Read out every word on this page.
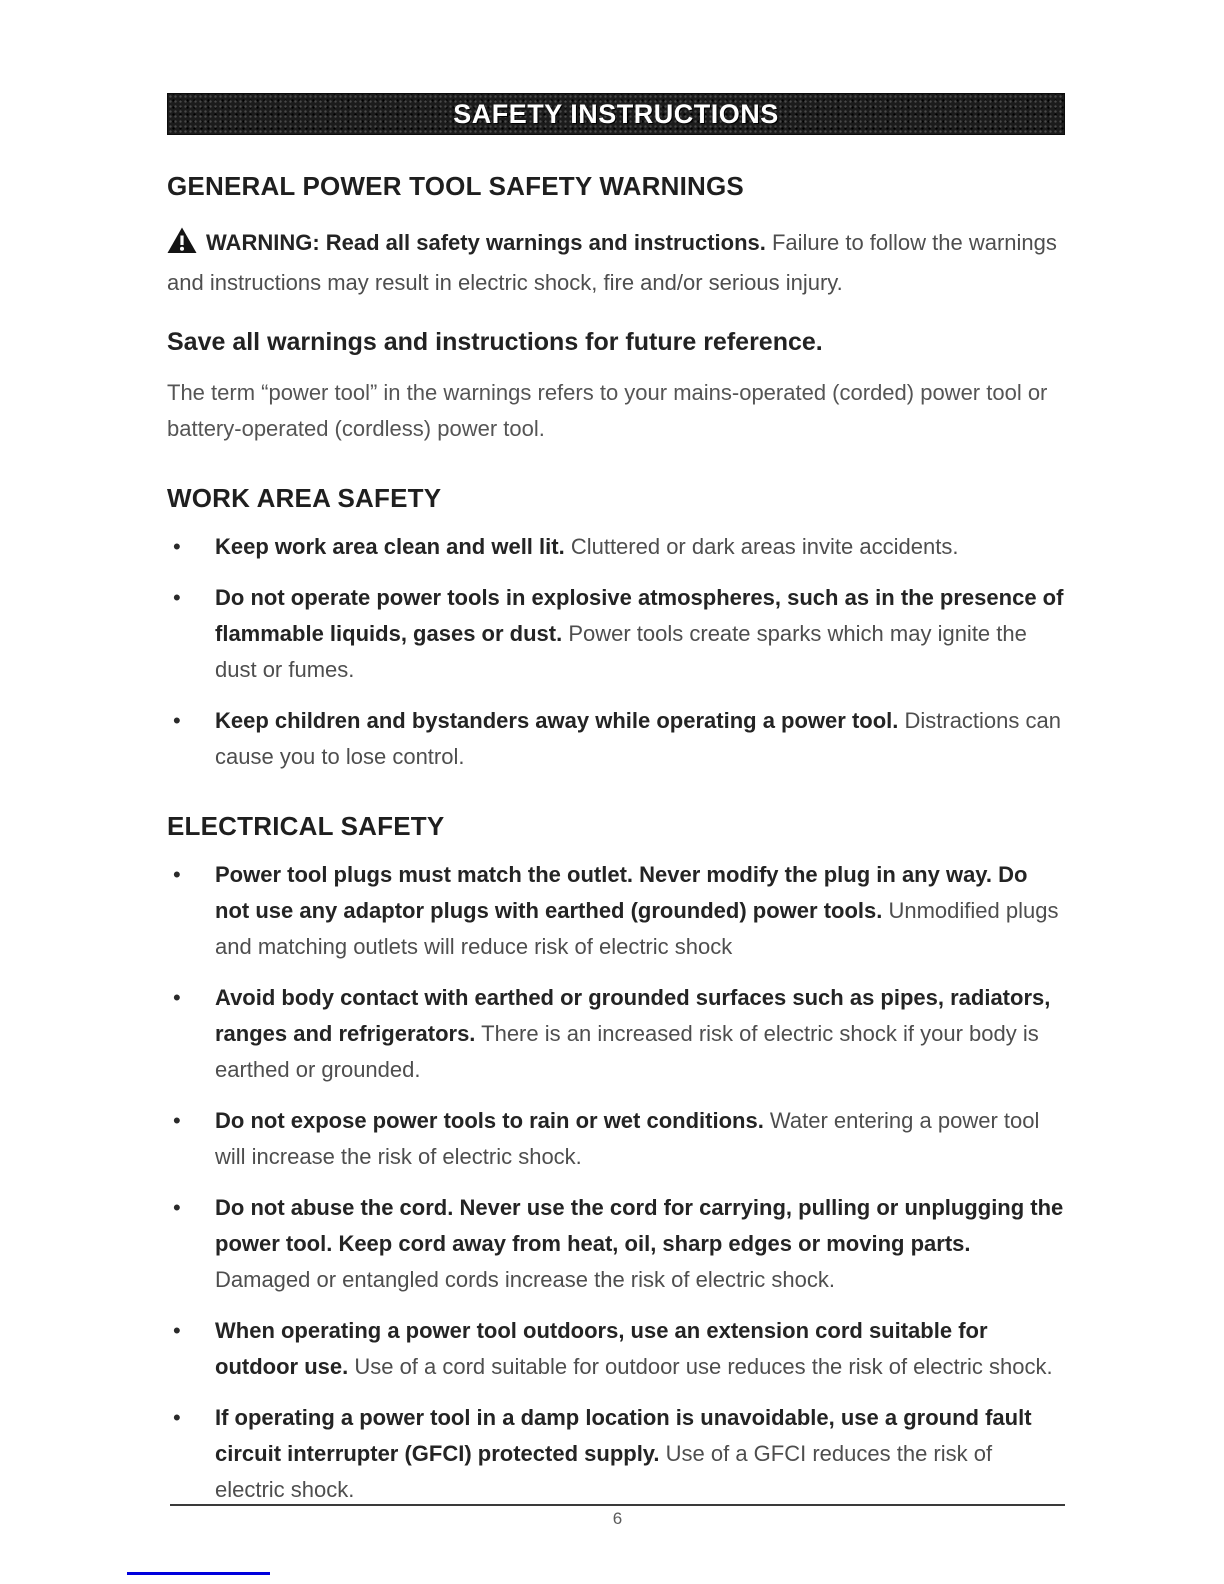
SAFETY INSTRUCTIONS
GENERAL POWER TOOL SAFETY WARNINGS

WARNING: Read all safety warnings and instructions. Failure to follow the warnings and instructions may result in electric shock, fire and/or serious injury.

Save all warnings and instructions for future reference.

The term “power tool” in the warnings refers to your mains-operated (corded) power tool or battery-operated (cordless) power tool.

WORK AREA SAFETY
• Keep work area clean and well lit. Cluttered or dark areas invite accidents.
• Do not operate power tools in explosive atmospheres, such as in the presence of flammable liquids, gases or dust. Power tools create sparks which may ignite the dust or fumes.
• Keep children and bystanders away while operating a power tool. Distractions can cause you to lose control.
ELECTRICAL SAFETY
• Power tool plugs must match the outlet. Never modify the plug in any way. Do not use any adaptor plugs with earthed (grounded) power tools. Unmodified plugs and matching outlets will reduce risk of electric shock
• Avoid body contact with earthed or grounded surfaces such as pipes, radiators, ranges and refrigerators. There is an increased risk of electric shock if your body is earthed or grounded.
• Do not expose power tools to rain or wet conditions. Water entering a power tool will increase the risk of electric shock.
• Do not abuse the cord. Never use the cord for carrying, pulling or unplugging the power tool. Keep cord away from heat, oil, sharp edges or moving parts. Damaged or entangled cords increase the risk of electric shock.
• When operating a power tool outdoors, use an extension cord suitable for outdoor use. Use of a cord suitable for outdoor use reduces the risk of electric shock.
• If operating a power tool in a damp location is unavoidable, use a ground fault circuit interrupter (GFCI) protected supply. Use of a GFCI reduces the risk of electric shock.
6
